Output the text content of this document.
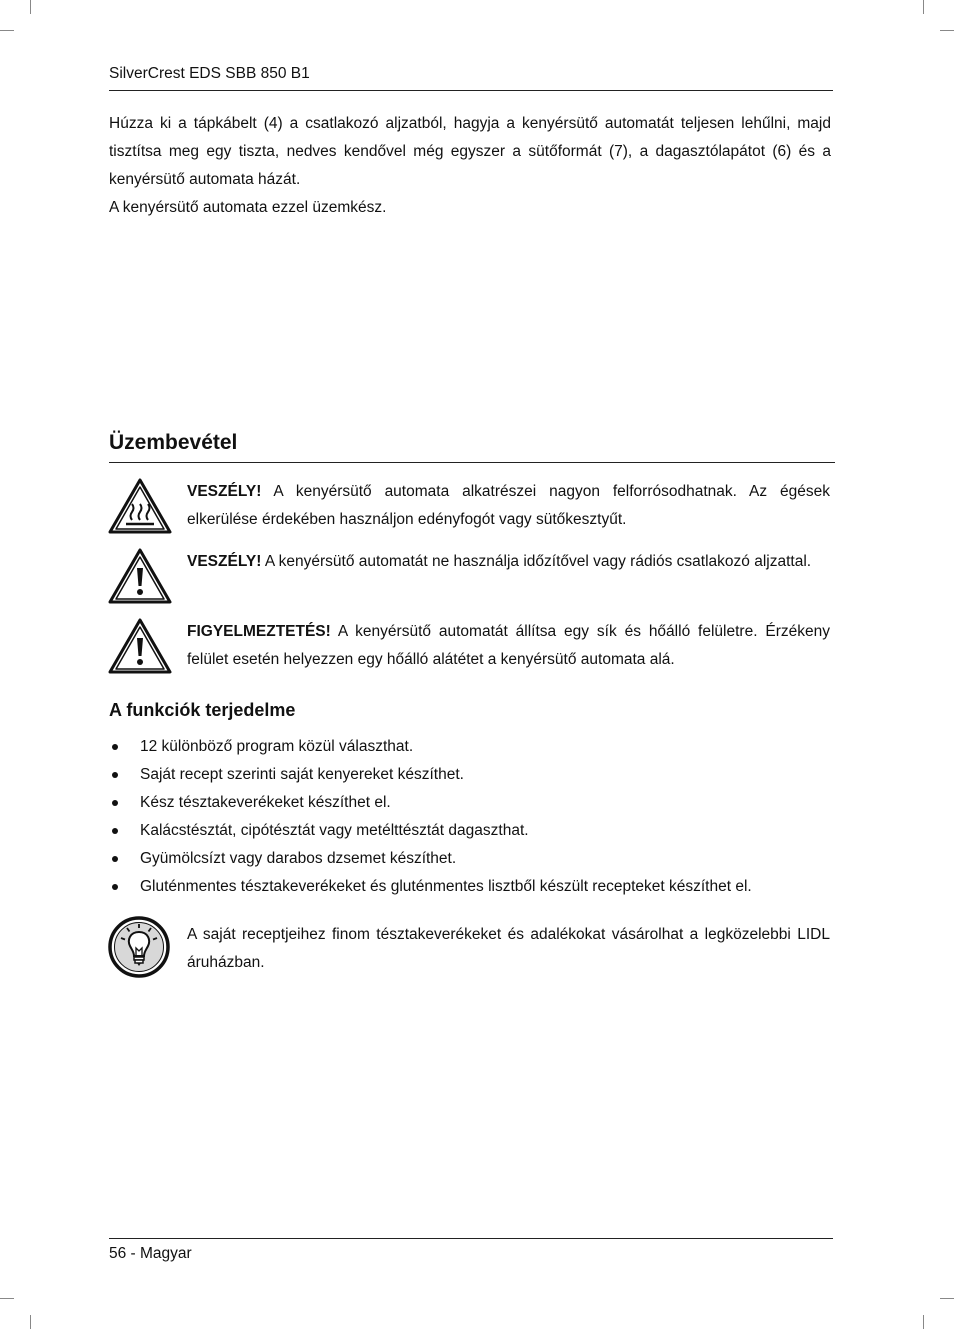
SilverCrest EDS SBB 850 B1

Húzza ki a tápkábelt (4) a csatlakozó aljzatból, hagyja a kenyérsütő automatát teljesen lehűlni, majd tisztítsa meg egy tiszta, nedves kendővel még egyszer a sütőformát (7), a dagasztólapátot (6) és a kenyérsütő automata házát.

A kenyérsütő automata ezzel üzemkész.

Üzembevétel
VESZÉLY! A kenyérsütő automata alkatrészei nagyon felforrósodhatnak. Az égések elkerülése érdekében használjon edényfogót vagy sütőkesztyűt.
VESZÉLY! A kenyérsütő automatát ne használja időzítővel vagy rádiós csatlakozó aljzattal.
FIGYELMEZTETÉS! A kenyérsütő automatát állítsa egy sík és hőálló felületre. Érzékeny felület esetén helyezzen egy hőálló alátétet a kenyérsütő automata alá.
A funkciók terjedelme
12 különböző program közül választhat.
Saját recept szerinti saját kenyereket készíthet.
Kész tésztakeverékeket készíthet el.
Kalácstésztát, cipótésztát vagy metélttésztát dagaszthat.
Gyümölcsízt vagy darabos dzsemet készíthet.
Gluténmentes tésztakeverékeket és gluténmentes lisztből készült recepteket készíthet el.
A saját receptjeihez finom tésztakeverékeket és adalékokat vásárolhat a legközelebbi LIDL áruházban.
56 - Magyar
